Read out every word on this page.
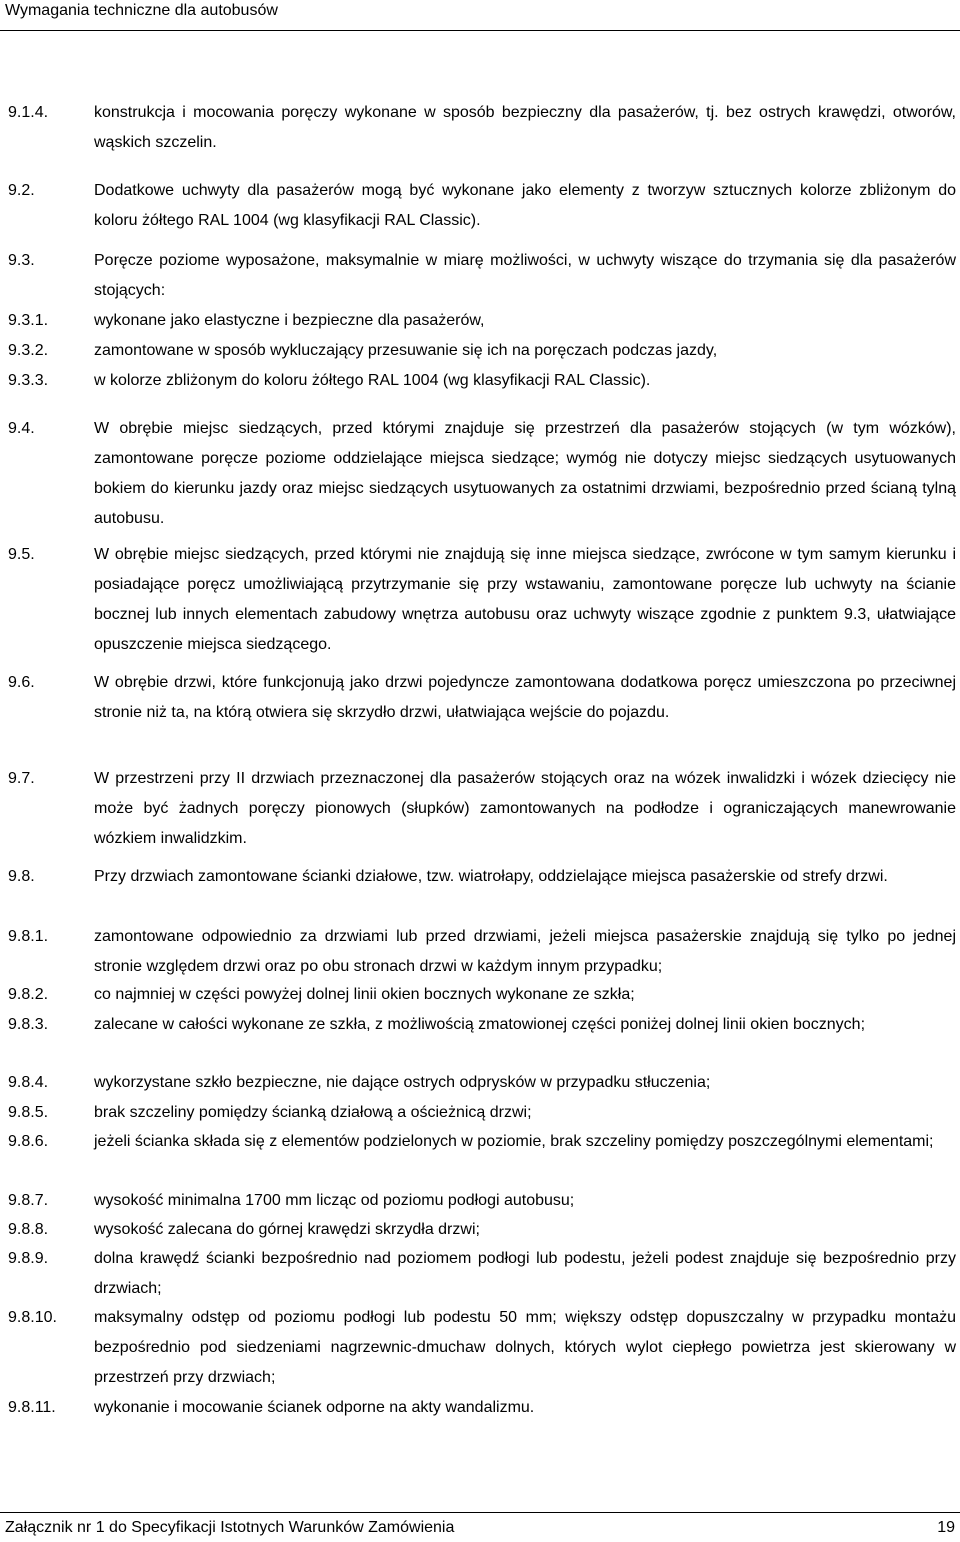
Wymagania techniczne dla autobusów
9.1.4.	konstrukcja i mocowania poręczy wykonane w sposób bezpieczny dla pasażerów, tj. bez ostrych krawędzi, otworów, wąskich szczelin.
9.2.	Dodatkowe uchwyty dla pasażerów mogą być wykonane jako elementy z tworzyw sztucznych kolorze zbliżonym do koloru żółtego RAL 1004 (wg klasyfikacji RAL Classic).
9.3.	Poręcze poziome wyposażone, maksymalnie w miarę możliwości, w uchwyty wiszące do trzymania się dla pasażerów stojących:
9.3.1.	wykonane jako elastyczne i bezpieczne dla pasażerów,
9.3.2.	zamontowane w sposób wykluczający przesuwanie się ich na poręczach podczas jazdy,
9.3.3.	w kolorze zbliżonym do koloru żółtego RAL 1004 (wg klasyfikacji RAL Classic).
9.4.	W obrębie miejsc siedzących, przed którymi znajduje się przestrzeń dla pasażerów stojących (w tym wózków), zamontowane poręcze poziome oddzielające miejsca siedzące; wymóg nie dotyczy miejsc siedzących usytuowanych bokiem do kierunku jazdy oraz miejsc siedzących usytuowanych za ostatnimi drzwiami, bezpośrednio przed ścianą tylną autobusu.
9.5.	W obrębie miejsc siedzących, przed którymi nie znajdują się inne miejsca siedzące, zwrócone w tym samym kierunku i posiadające poręcz umożliwiającą przytrzymanie się przy wstawaniu, zamontowane poręcze lub uchwyty na ścianie bocznej lub innych elementach zabudowy wnętrza autobusu oraz uchwyty wiszące zgodnie z punktem 9.3, ułatwiające opuszczenie miejsca siedzącego.
9.6.	W obrębie drzwi, które funkcjonują jako drzwi pojedyncze zamontowana dodatkowa poręcz umieszczona po przeciwnej stronie niż ta, na którą otwiera się skrzydło drzwi, ułatwiająca wejście do pojazdu.
9.7.	W przestrzeni przy II drzwiach przeznaczonej dla pasażerów stojących oraz na wózek inwalidzki i wózek dziecięcy nie może być żadnych poręczy pionowych (słupków) zamontowanych na podłodze i ograniczających manewrowanie wózkiem inwalidzkim.
9.8.	Przy drzwiach zamontowane ścianki działowe, tzw. wiatrołapy, oddzielające miejsca pasażerskie od strefy drzwi.
9.8.1.	zamontowane odpowiednio za drzwiami lub przed drzwiami, jeżeli miejsca pasażerskie znajdują się tylko po jednej stronie względem drzwi oraz po obu stronach drzwi w każdym innym przypadku;
9.8.2.	co najmniej w części powyżej dolnej linii okien bocznych wykonane ze szkła;
9.8.3.	zalecane w całości wykonane ze szkła, z możliwością zmatowionej części poniżej dolnej linii okien bocznych;
9.8.4.	wykorzystane szkło bezpieczne, nie dające ostrych odprysków w przypadku stłuczenia;
9.8.5.	brak szczeliny pomiędzy ścianką działową a ościeżnicą drzwi;
9.8.6.	jeżeli ścianka składa się z elementów podzielonych w poziomie, brak szczeliny pomiędzy poszczególnymi elementami;
9.8.7.	wysokość minimalna 1700 mm licząc od poziomu podłogi autobusu;
9.8.8.	wysokość zalecana do górnej krawędzi skrzydła drzwi;
9.8.9.	dolna krawędź ścianki bezpośrednio nad poziomem podłogi lub podestu, jeżeli podest znajduje się bezpośrednio przy drzwiach;
9.8.10. maksymalny odstęp od poziomu podłogi lub podestu 50 mm; większy odstęp dopuszczalny w przypadku montażu bezpośrednio pod siedzeniami nagrzewnic-dmuchaw dolnych, których wylot ciepłego powietrza jest skierowany w przestrzeń przy drzwiach;
9.8.11. wykonanie i mocowanie ścianek odporne na akty wandalizmu.
Załącznik nr 1 do Specyfikacji Istotnych Warunków Zamówienia	19
